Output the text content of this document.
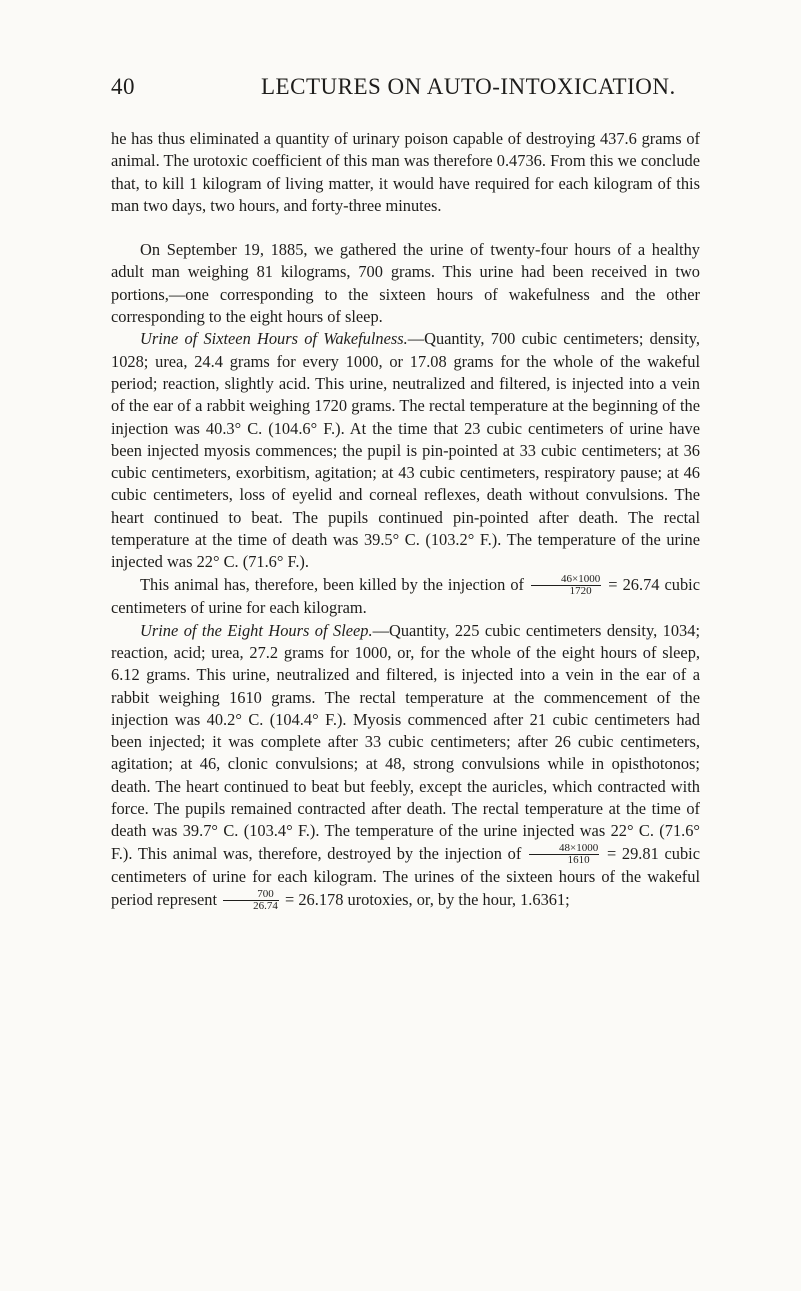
40	LECTURES ON AUTO-INTOXICATION.

he has thus eliminated a quantity of urinary poison capable of destroying 437.6 grams of animal. The urotoxic coefficient of this man was therefore 0.4736. From this we conclude that, to kill 1 kilogram of living matter, it would have required for each kilogram of this man two days, two hours, and forty-three minutes.

On September 19, 1885, we gathered the urine of twenty-four hours of a healthy adult man weighing 81 kilograms, 700 grams. This urine had been received in two portions,—one corresponding to the sixteen hours of wakefulness and the other corresponding to the eight hours of sleep.

Urine of Sixteen Hours of Wakefulness.—Quantity, 700 cubic centimeters; density, 1028; urea, 24.4 grams for every 1000, or 17.08 grams for the whole of the wakeful period; reaction, slightly acid. This urine, neutralized and filtered, is injected into a vein of the ear of a rabbit weighing 1720 grams. The rectal temperature at the beginning of the injection was 40.3° C. (104.6° F.). At the time that 23 cubic centimeters of urine have been injected myosis commences; the pupil is pin-pointed at 33 cubic centimeters; at 36 cubic centimeters, exorbitism, agitation; at 43 cubic centimeters, respiratory pause; at 46 cubic centimeters, loss of eyelid and corneal reflexes, death without convulsions. The heart continued to beat. The pupils continued pin-pointed after death. The rectal temperature at the time of death was 39.5° C. (103.2° F.). The temperature of the urine injected was 22° C. (71.6° F.).

This animal has, therefore, been killed by the injection of $\frac{46\times 1000}{1720} = 26.74$ cubic centimeters of urine for each kilogram.

Urine of the Eight Hours of Sleep.—Quantity, 225 cubic centimeters density, 1034; reaction, acid; urea, 27.2 grams for 1000, or, for the whole of the eight hours of sleep, 6.12 grams. This urine, neutralized and filtered, is injected into a vein in the ear of a rabbit weighing 1610 grams. The rectal temperature at the commencement of the injection was 40.2° C. (104.4° F.). Myosis commenced after 21 cubic centimeters had been injected; it was complete after 33 cubic centimeters; after 26 cubic centimeters, agitation; at 46, clonic convulsions; at 48, strong convulsions while in opisthotonos; death. The heart continued to beat but feebly, except the auricles, which contracted with force. The pupils remained contracted after death. The rectal temperature at the time of death was 39.7° C. (103.4° F.). The temperature of the urine injected was 22° C. (71.6° F.). This animal was, therefore, destroyed by the injection of $\frac{48\times 1000}{1610} = 29.81$ cubic centimeters of urine for each kilogram. The urines of the sixteen hours of the wakeful period represent $\frac{700}{26.74} = 26.178$ urotoxies, or, by the hour, 1.6361;
